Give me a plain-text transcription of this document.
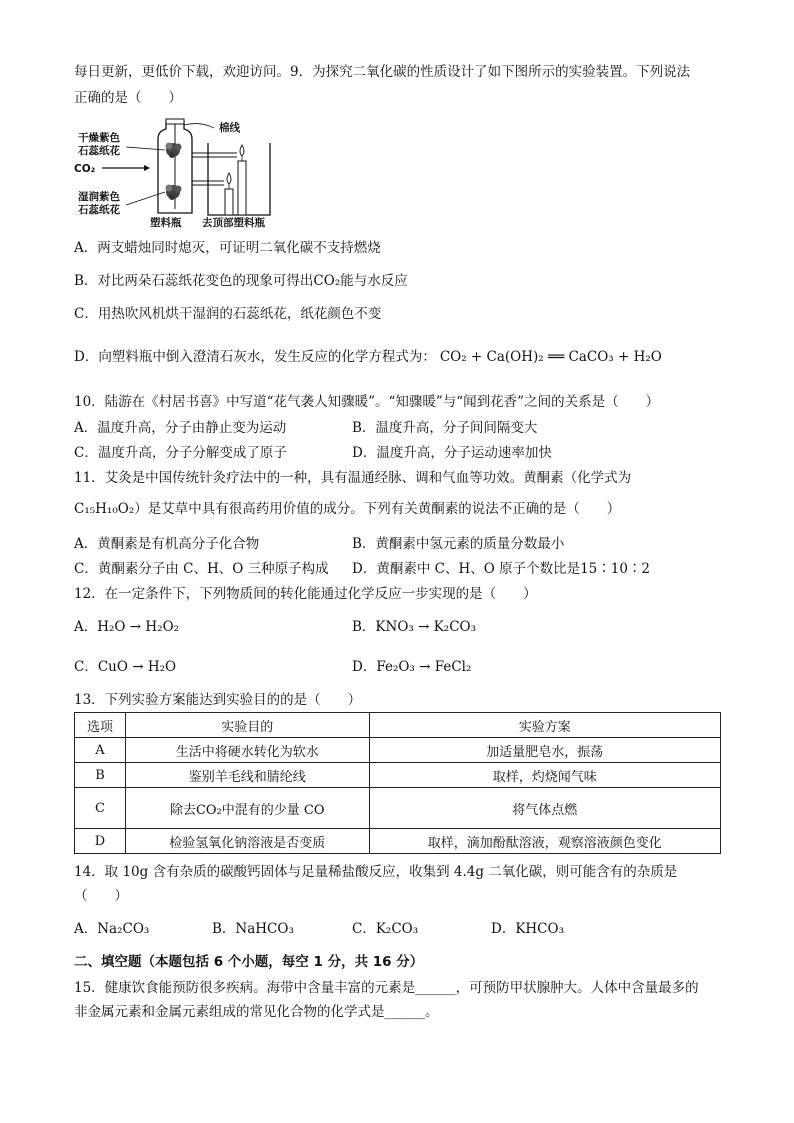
每日更新，更低价下载，欢迎访问。9．为探究二氧化碳的性质设计了如下图所示的实验装置。下列说法
正确的是（　　）
干燥紫色
石蕊纸花
CO₂
湿润紫色
石蕊纸花
棉线
塑料瓶 去顶部塑料瓶
A．两支蜡烛同时熄灭，可证明二氧化碳不支持燃烧
B．对比两朵石蕊纸花变色的现象可得出CO₂能与水反应
C．用热吹风机烘干湿润的石蕊纸花，纸花颜色不变
D．向塑料瓶中倒入澄清石灰水，发生反应的化学方程式为： CO₂ + Ca(OH)₂ ══ CaCO₃ + H₂O
10．陆游在《村居书喜》中写道“花气袭人知骤暖”。“知骤暖”与“闻到花香”之间的关系是（　　）
A．温度升高，分子由静止变为运动	B．温度升高，分子间间隔变大
C．温度升高，分子分解变成了原子	D．温度升高，分子运动速率加快
11．艾灸是中国传统针灸疗法中的一种，具有温通经脉、调和气血等功效。黄酮素（化学式为
C₁₅H₁₀O₂）是艾草中具有很高药用价值的成分。下列有关黄酮素的说法不正确的是（　　）
A．黄酮素是有机高分子化合物	B．黄酮素中氢元素的质量分数最小
C．黄酮素分子由 C、H、O 三种原子构成 D．黄酮素中 C、H、O 原子个数比是15∶10∶2
12．在一定条件下，下列物质间的转化能通过化学反应一步实现的是（　　）
A．H₂O → H₂O₂	B．KNO₃ → K₂CO₃
C．CuO → H₂O	D．Fe₂O₃ → FeCl₂
13．下列实验方案能达到实验目的的是（　　）
选项	实验目的	实验方案
A	生活中将硬水转化为软水	加适量肥皂水，振荡
B	鉴别羊毛线和腈纶线	取样，灼烧闻气味
C	除去CO₂中混有的少量 CO	将气体点燃
D	检验氢氧化钠溶液是否变质	取样，滴加酚酞溶液，观察溶液颜色变化
14．取 10g 含有杂质的碳酸钙固体与足量稀盐酸反应，收集到 4.4g 二氧化碳，则可能含有的杂质是
（　　）
A．Na₂CO₃	B．NaHCO₃	C．K₂CO₃	D．KHCO₃
二、填空题（本题包括 6 个小题，每空 1 分，共 16 分）
15．健康饮食能预防很多疾病。海带中含量丰富的元素是______，可预防甲状腺肿大。人体中含量最多的
非金属元素和金属元素组成的常见化合物的化学式是______。
